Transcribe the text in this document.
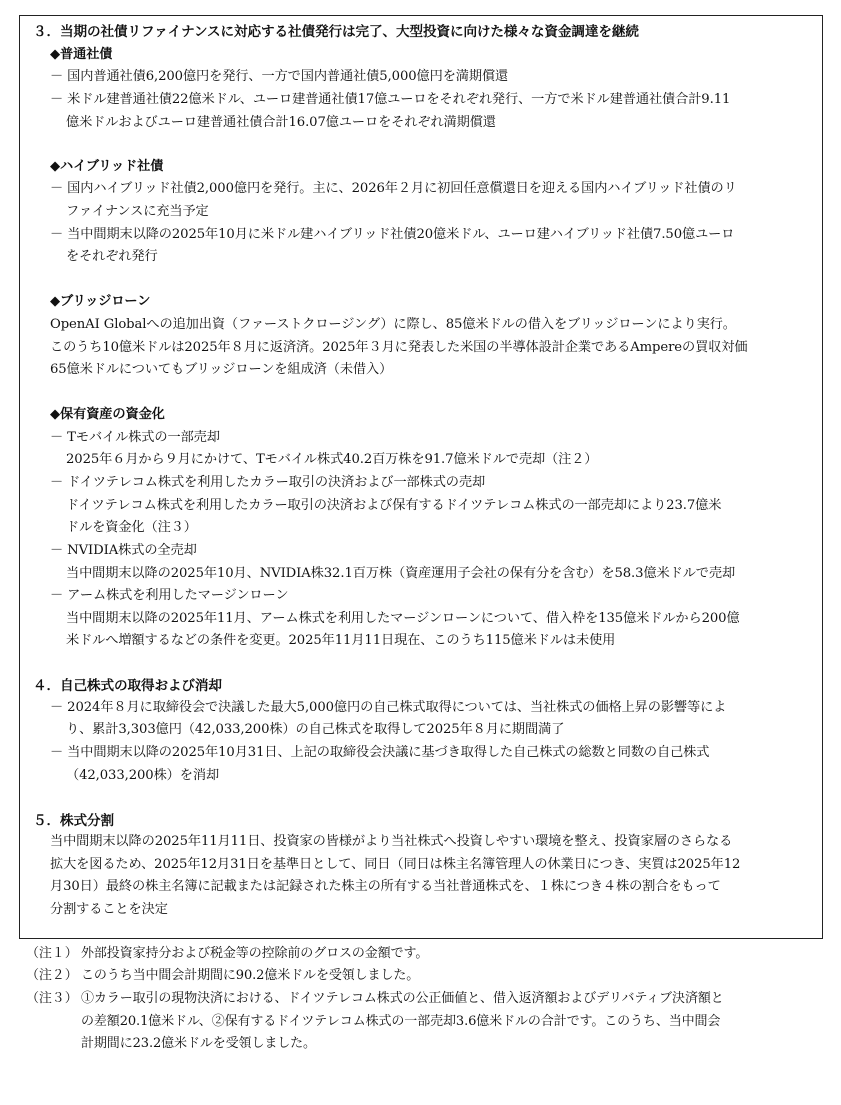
３．当期の社債リファイナンスに対応する社債発行は完了、大型投資に向けた様々な資金調達を継続
◆普通社債
－ 国内普通社債6,200億円を発行、一方で国内普通社債5,000億円を満期償還
－ 米ドル建普通社債22億米ドル、ユーロ建普通社債17億ユーロをそれぞれ発行、一方で米ドル建普通社債合計9.11
億米ドルおよびユーロ建普通社債合計16.07億ユーロをそれぞれ満期償還
◆ハイブリッド社債
－ 国内ハイブリッド社債2,000億円を発行。主に、2026年２月に初回任意償還日を迎える国内ハイブリッド社債のリ
ファイナンスに充当予定
－ 当中間期末以降の2025年10月に米ドル建ハイブリッド社債20億米ドル、ユーロ建ハイブリッド社債7.50億ユーロ
をそれぞれ発行
◆ブリッジローン
OpenAI Globalへの追加出資（ファーストクロージング）に際し、85億米ドルの借入をブリッジローンにより実行。
このうち10億米ドルは2025年８月に返済済。2025年３月に発表した米国の半導体設計企業であるAmpereの買収対価
65億米ドルについてもブリッジローンを組成済（未借入）
◆保有資産の資金化
－ Tモバイル株式の一部売却
2025年６月から９月にかけて、Tモバイル株式40.2百万株を91.7億米ドルで売却（注２）
－ ドイツテレコム株式を利用したカラー取引の決済および一部株式の売却
ドイツテレコム株式を利用したカラー取引の決済および保有するドイツテレコム株式の一部売却により23.7億米
ドルを資金化（注３）
－ NVIDIA株式の全売却
当中間期末以降の2025年10月、NVIDIA株32.1百万株（資産運用子会社の保有分を含む）を58.3億米ドルで売却
－ アーム株式を利用したマージンローン
当中間期末以降の2025年11月、アーム株式を利用したマージンローンについて、借入枠を135億米ドルから200億
米ドルへ増額するなどの条件を変更。2025年11月11日現在、このうち115億米ドルは未使用
４．自己株式の取得および消却
－ 2024年８月に取締役会で決議した最大5,000億円の自己株式取得については、当社株式の価格上昇の影響等によ
り、累計3,303億円（42,033,200株）の自己株式を取得して2025年８月に期間満了
－ 当中間期末以降の2025年10月31日、上記の取締役会決議に基づき取得した自己株式の総数と同数の自己株式
（42,033,200株）を消却
５．株式分割
当中間期末以降の2025年11月11日、投資家の皆様がより当社株式へ投資しやすい環境を整え、投資家層のさらなる
拡大を図るため、2025年12月31日を基準日として、同日（同日は株主名簿管理人の休業日につき、実質は2025年12
月30日）最終の株主名簿に記載または記録された株主の所有する当社普通株式を、１株につき４株の割合をもって
分割することを決定
（注１） 外部投資家持分および税金等の控除前のグロスの金額です。
（注２） このうち当中間会計期間に90.2億米ドルを受領しました。
（注３） ①カラー取引の現物決済における、ドイツテレコム株式の公正価値と、借入返済額およびデリバティブ決済額と
の差額20.1億米ドル、②保有するドイツテレコム株式の一部売却3.6億米ドルの合計です。このうち、当中間会
計期間に23.2億米ドルを受領しました。
